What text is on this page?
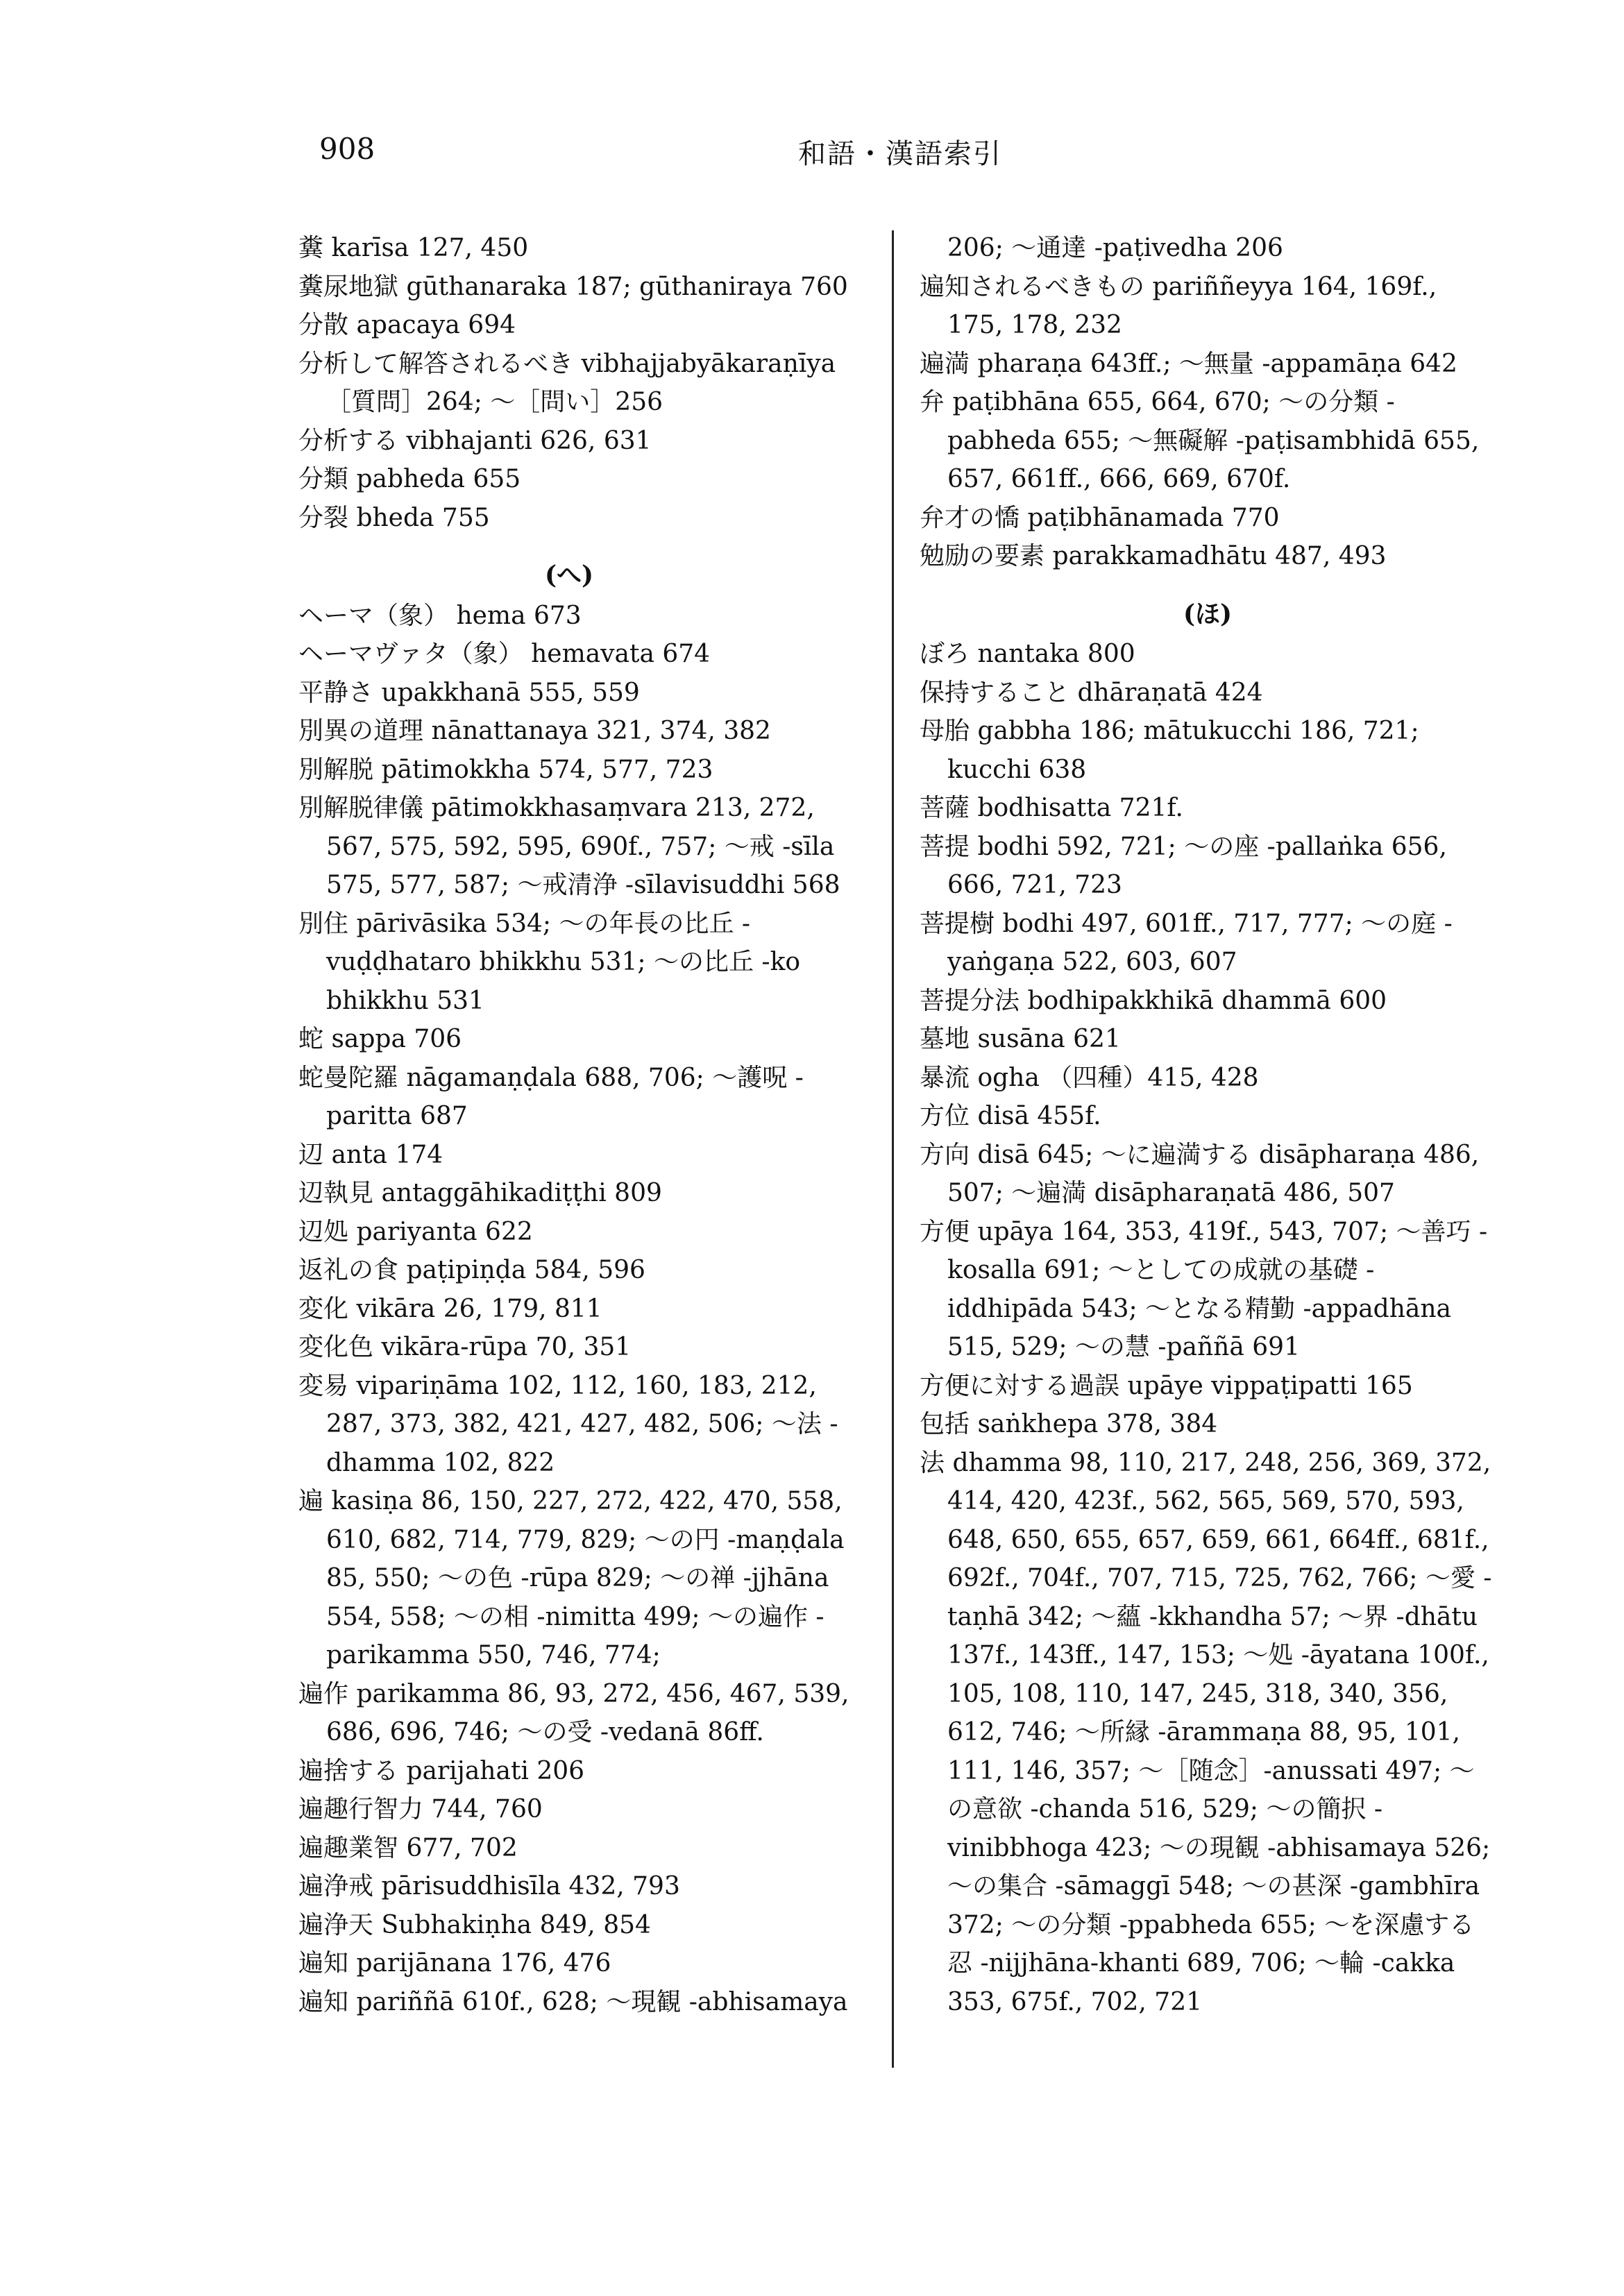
908	和語・漢語索引
糞 karīsa 127, 450
糞尿地獄 gūthanaraka 187; gūthaniraya 760
分散 apacaya 694
分析して解答されるべき vibhajjabyākaraṇīya ［質問］264; ～［問い］256
分析する vibhajanti 626, 631
分類 pabheda 655
分裂 bheda 755
(へ)
ヘーマ（象） hema 673
ヘーマヴァタ（象） hemavata 674
平静さ upakkhanā 555, 559
別異の道理 nānattanaya 321, 374, 382
別解脱 pātimokkha 574, 577, 723
別解脱律儀 pātimokkhasaṃvara 213, 272, 567, 575, 592, 595, 690f., 757; ～戒 -sīla 575, 577, 587; ～戒清浄 -sīlavisuddhi 568
別住 pārivāsika 534; ～の年長の比丘 -vuḍḍhataro bhikkhu 531; ～の比丘 -ko bhikkhu 531
蛇 sappa 706
蛇曼陀羅 nāgamaṇḍala 688, 706; ～護呪 -paritta 687
辺 anta 174
辺執見 antaggāhikadiṭṭhi 809
辺処 pariyanta 622
返礼の食 paṭipiṇḍa 584, 596
変化 vikāra 26, 179, 811
変化色 vikāra-rūpa 70, 351
変易 vipariṇāma 102, 112, 160, 183, 212, 287, 373, 382, 421, 427, 482, 506; ～法 -dhamma 102, 822
遍 kasiṇa 86, 150, 227, 272, 422, 470, 558, 610, 682, 714, 779, 829; ～の円 -maṇḍala 85, 550; ～の色 -rūpa 829; ～の禅 -jjhāna 554, 558; ～の相 -nimitta 499; ～の遍作 -parikamma 550, 746, 774;
遍作 parikamma 86, 93, 272, 456, 467, 539, 686, 696, 746; ～の受 -vedanā 86ff.
遍捨する parijahati 206
遍趣行智力 744, 760
遍趣業智 677, 702
遍浄戒 pārisuddhisīla 432, 793
遍浄天 Subhakiṇha 849, 854
遍知 parijānana 176, 476
遍知 pariññā 610f., 628; ～現観 -abhisamaya
206; ～通達 -paṭivedha 206
遍知されるべきもの pariññeyya 164, 169f., 175, 178, 232
遍満 pharaṇa 643ff.; ～無量 -appamāṇa 642
弁 paṭibhāna 655, 664, 670; ～の分類 -pabheda 655; ～無礙解 -paṭisambhidā 655, 657, 661ff., 666, 669, 670f.
弁才の憍 paṭibhānamada 770
勉励の要素 parakkamadhātu 487, 493
(ほ)
ぼろ nantaka 800
保持すること dhāraṇatā 424
母胎 gabbha 186; mātukucchi 186, 721; kucchi 638
菩薩 bodhisatta 721f.
菩提 bodhi 592, 721; ～の座 -pallaṅka 656, 666, 721, 723
菩提樹 bodhi 497, 601ff., 717, 777; ～の庭 -yaṅgaṇa 522, 603, 607
菩提分法 bodhipakkhikā dhammā 600
墓地 susāna 621
暴流 ogha （四種）415, 428
方位 disā 455f.
方向 disā 645; ～に遍満する disāpharaṇa 486, 507; ～遍満 disāpharaṇatā 486, 507
方便 upāya 164, 353, 419f., 543, 707; ～善巧 -kosalla 691; ～としての成就の基礎 -iddhipāda 543; ～となる精勤 -appadhāna 515, 529; ～の慧 -paññā 691
方便に対する過誤 upāye vippaṭipatti 165
包括 saṅkhepa 378, 384
法 dhamma 98, 110, 217, 248, 256, 369, 372, 414, 420, 423f., 562, 565, 569, 570, 593, 648, 650, 655, 657, 659, 661, 664ff., 681f., 692f., 704f., 707, 715, 725, 762, 766; ～愛 -taṇhā 342; ～蘊 -kkhandha 57; ～界 -dhātu 137f., 143ff., 147, 153; ～処 -āyatana 100f., 105, 108, 110, 147, 245, 318, 340, 356, 612, 746; ～所縁 -ārammaṇa 88, 95, 101, 111, 146, 357; ～［随念］-anussati 497; ～の意欲 -chanda 516, 529; ～の簡択 -vinibbhoga 423; ～の現観 -abhisamaya 526; ～の集合 -sāmaggī 548; ～の甚深 -gambhīra 372; ～の分類 -ppabheda 655; ～を深慮する忍 -nijjhāna-khanti 689, 706; ～輪 -cakka 353, 675f., 702, 721
